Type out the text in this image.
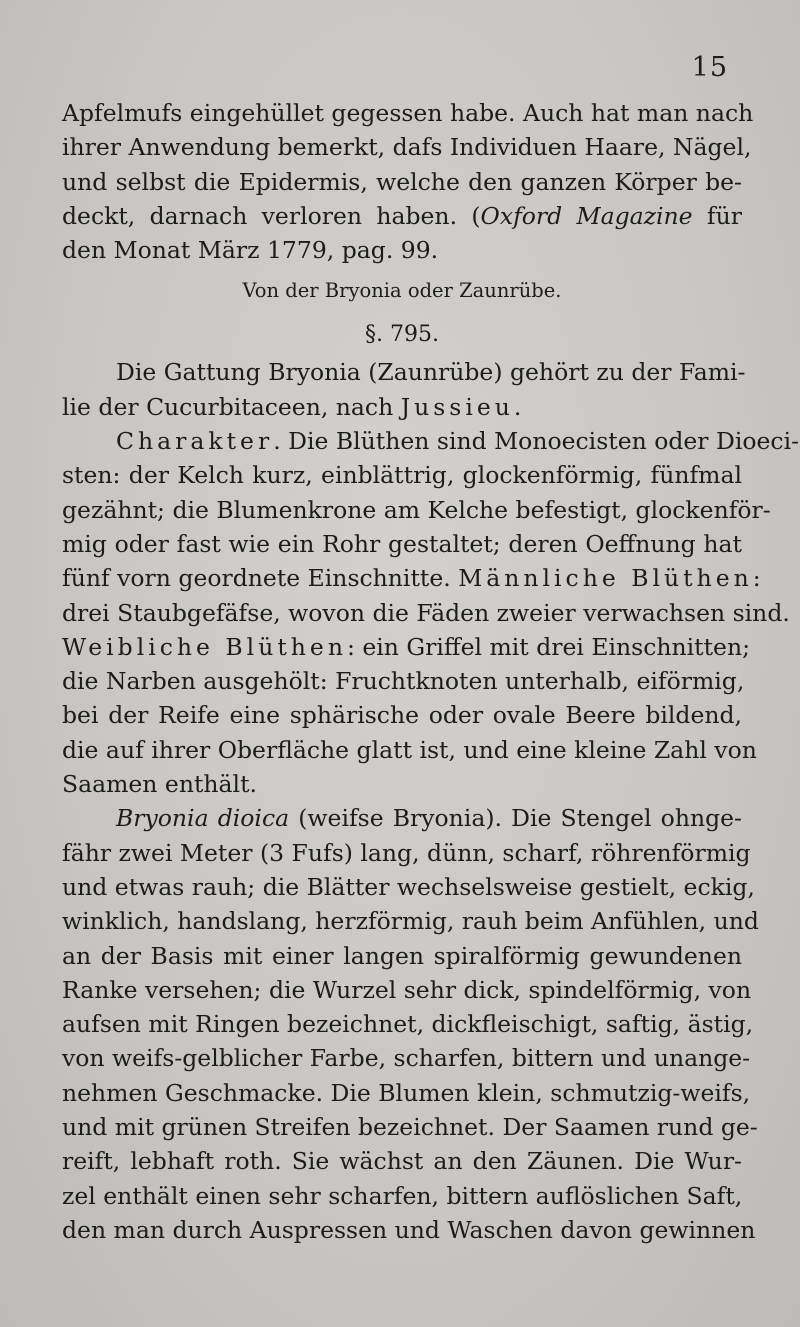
15
Apfelmufs eingehüllet gegessen habe. Auch hat man nach
ihrer Anwendung bemerkt, dafs Individuen Haare, Nägel,
und selbst die Epidermis, welche den ganzen Körper be-
deckt, darnach verloren haben. (Oxford Magazine für
den Monat März 1779, pag. 99.
Von der Bryonia oder Zaunrübe.
§. 795.
Die Gattung Bryonia (Zaunrübe) gehört zu der Fami-
lie der Cucurbitaceen, nach Jussieu.
Charakter. Die Blüthen sind Monoecisten oder Dioeci-
sten: der Kelch kurz, einblättrig, glockenförmig, fünfmal
gezähnt; die Blumenkrone am Kelche befestigt, glockenför-
mig oder fast wie ein Rohr gestaltet; deren Oeffnung hat
fünf vorn geordnete Einschnitte. Männliche Blüthen:
drei Staubgefäfse, wovon die Fäden zweier verwachsen sind.
Weibliche Blüthen: ein Griffel mit drei Einschnitten;
die Narben ausgehölt: Fruchtknoten unterhalb, eiförmig,
bei der Reife eine sphärische oder ovale Beere bildend,
die auf ihrer Oberfläche glatt ist, und eine kleine Zahl von
Saamen enthält.
Bryonia dioica (weifse Bryonia). Die Stengel ohnge-
fähr zwei Meter (3 Fufs) lang, dünn, scharf, röhrenförmig
und etwas rauh; die Blätter wechselsweise gestielt, eckig,
winklich, handslang, herzförmig, rauh beim Anfühlen, und
an der Basis mit einer langen spiralförmig gewundenen
Ranke versehen; die Wurzel sehr dick, spindelförmig, von
aufsen mit Ringen bezeichnet, dickfleischigt, saftig, ästig,
von weifs-gelblicher Farbe, scharfen, bittern und unange-
nehmen Geschmacke. Die Blumen klein, schmutzig-weifs,
und mit grünen Streifen bezeichnet. Der Saamen rund ge-
reift, lebhaft roth. Sie wächst an den Zäunen. Die Wur-
zel enthält einen sehr scharfen, bittern auflöslichen Saft,
den man durch Auspressen und Waschen davon gewinnen
